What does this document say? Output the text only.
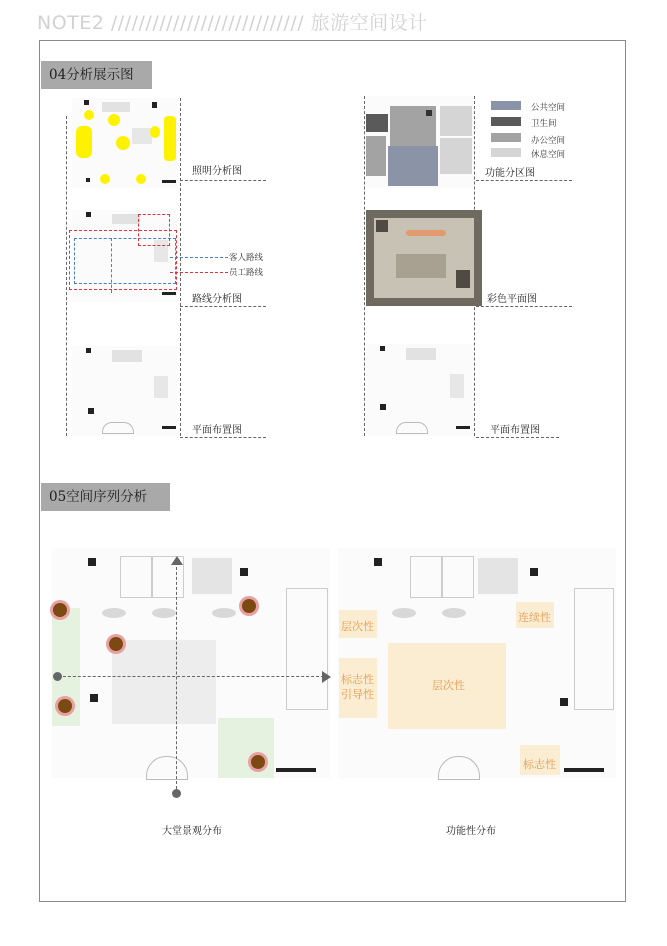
NOTE2 //////////////////////////// 旅游空间设计
04分析展示图
照明分析图
客人路线
员工路线
路线分析图
平面布置图
公共空间
卫生间
办公空间
休息空间
功能分区图
彩色平面图
平面布置图
05空间序列分析
大堂景观分布
层次性
连续性
标志性
引导性
层次性
标志性
功能性分布
